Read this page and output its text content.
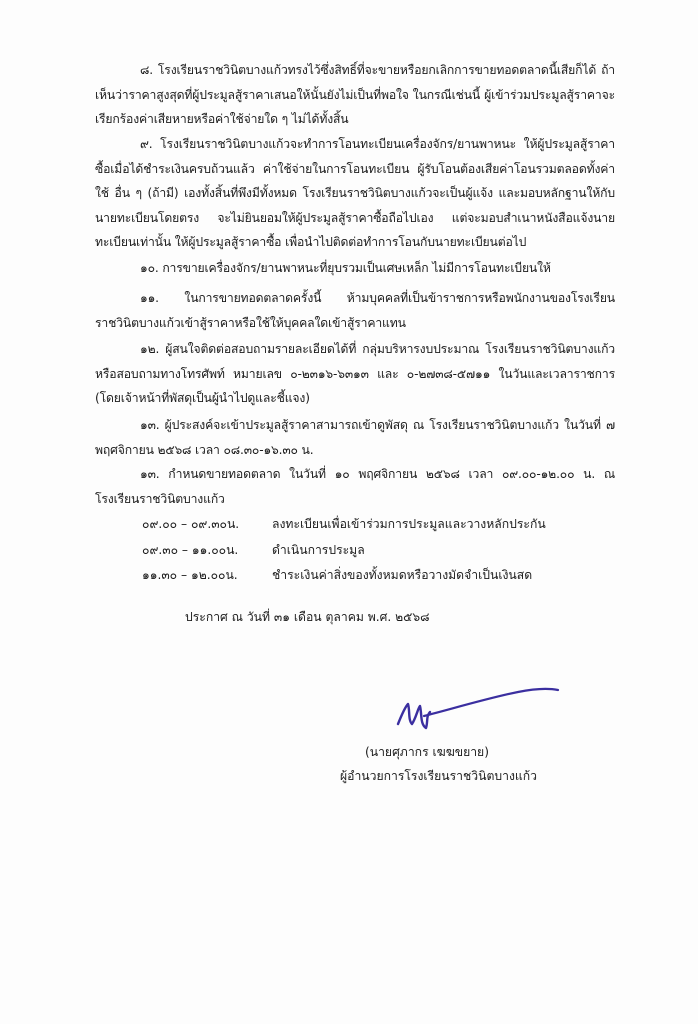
๘. โรงเรียนราชวินิตบางแก้วทรงไว้ซึ่งสิทธิ์ที่จะขายหรือยกเลิกการขายทอดตลาดนี้เสียก็ได้ ถ้าเห็นว่าราคาสูงสุดที่ผู้ประมูลสู้ราคาเสนอให้นั้นยังไม่เป็นที่พอใจ ในกรณีเช่นนี้ ผู้เข้าร่วมประมูลสู้ราคาจะเรียกร้องค่าเสียหายหรือค่าใช้จ่ายใด ๆ ไม่ได้ทั้งสิ้น

๙. โรงเรียนราชวินิตบางแก้วจะทำการโอนทะเบียนเครื่องจักร/ยานพาหนะ ให้ผู้ประมูลสู้ราคาซื้อเมื่อได้ชำระเงินครบถ้วนแล้ว ค่าใช้จ่ายในการโอนทะเบียน ผู้รับโอนต้องเสียค่าโอนรวมตลอดทั้งค่าใช้ อื่น ๆ (ถ้ามี) เองทั้งสิ้นที่พึงมีทั้งหมด โรงเรียนราชวินิตบางแก้วจะเป็นผู้แจ้ง และมอบหลักฐานให้กับนายทะเบียนโดยตรง จะไม่ยินยอมให้ผู้ประมูลสู้ราคาซื้อถือไปเอง แต่จะมอบสำเนาหนังสือแจ้งนายทะเบียนเท่านั้น ให้ผู้ประมูลสู้ราคาซื้อ เพื่อนำไปติดต่อทำการโอนกับนายทะเบียนต่อไป

๑๐. การขายเครื่องจักร/ยานพาหนะที่ยุบรวมเป็นเศษเหล็ก ไม่มีการโอนทะเบียนให้

๑๑. ในการขายทอดตลาดครั้งนี้ ห้ามบุคคลที่เป็นข้าราชการหรือพนักงานของโรงเรียนราชวินิตบางแก้วเข้าสู้ราคาหรือใช้ให้บุคคลใดเข้าสู้ราคาแทน

๑๒. ผู้สนใจติดต่อสอบถามรายละเอียดได้ที่ กลุ่มบริหารงบประมาณ โรงเรียนราชวินิตบางแก้วหรือสอบถามทางโทรศัพท์ หมายเลข ๐-๒๓๑๖-๖๓๑๓ และ ๐-๒๗๓๘-๕๗๑๑ ในวันและเวลาราชการ (โดยเจ้าหน้าที่พัสดุเป็นผู้นำไปดูและชี้แจง)

๑๓. ผู้ประสงค์จะเข้าประมูลสู้ราคาสามารถเข้าดูพัสดุ ณ โรงเรียนราชวินิตบางแก้ว ในวันที่ ๗ พฤศจิกายน ๒๕๖๘ เวลา ๐๘.๓๐-๑๖.๓๐ น.

๑๓. กำหนดขายทอดตลาด ในวันที่ ๑๐ พฤศจิกายน ๒๕๖๘ เวลา ๐๙.๐๐-๑๒.๐๐ น. ณ โรงเรียนราชวินิตบางแก้ว

๐๙.๐๐ – ๐๙.๓๐น.	ลงทะเบียนเพื่อเข้าร่วมการประมูลและวางหลักประกัน

๐๙.๓๐ – ๑๑.๐๐น.	ดำเนินการประมูล

๑๑.๓๐ – ๑๒.๐๐น.	ชำระเงินค่าสิ่งของทั้งหมดหรือวางมัดจำเป็นเงินสด

ประกาศ ณ วันที่ ๓๑ เดือน ตุลาคม พ.ศ. ๒๕๖๘

(นายศุภากร เฆฆขยาย)

ผู้อำนวยการโรงเรียนราชวินิตบางแก้ว
